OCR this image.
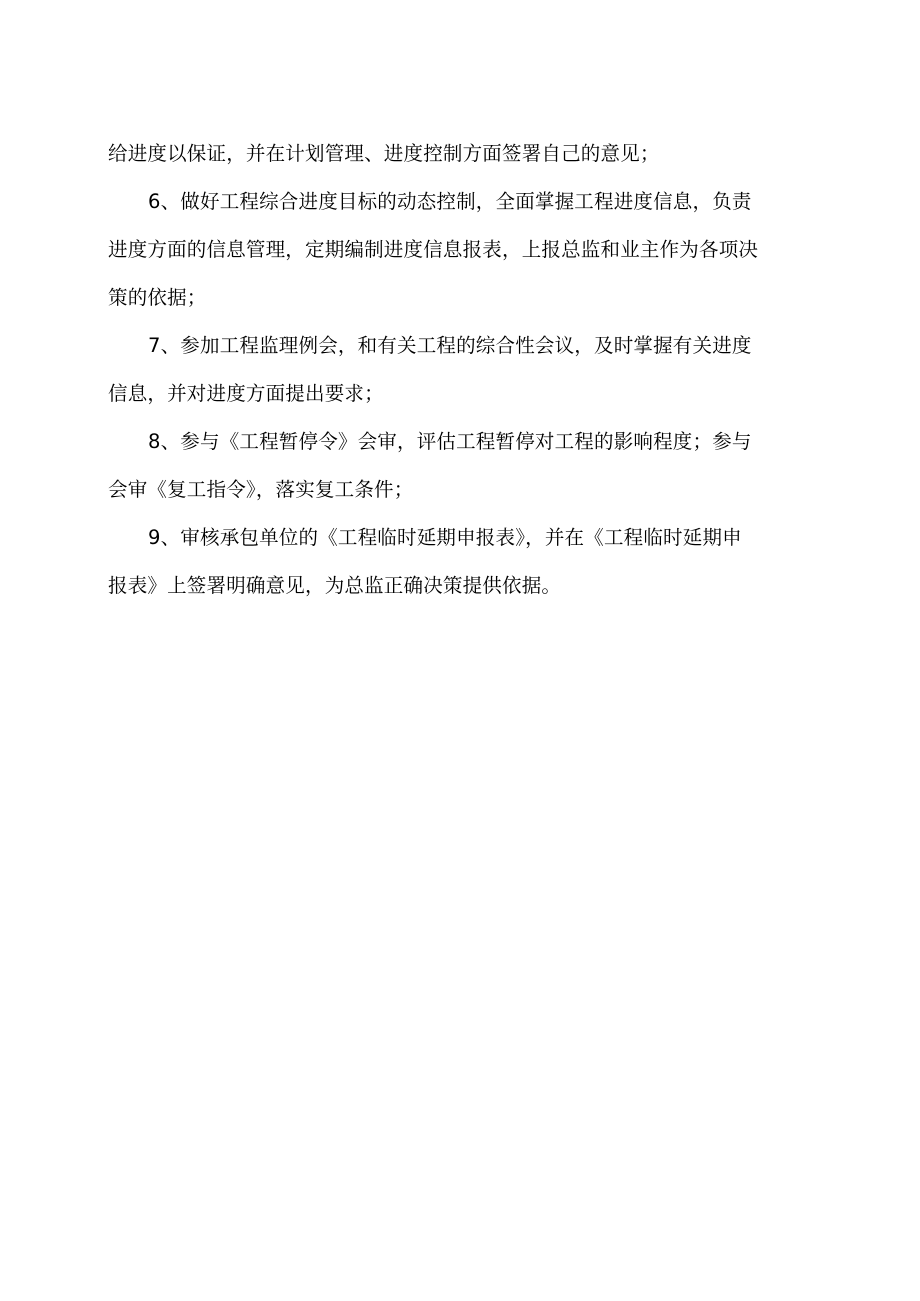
给进度以保证，并在计划管理、进度控制方面签署自己的意见；
6、做好工程综合进度目标的动态控制，全面掌握工程进度信息，负责
进度方面的信息管理，定期编制进度信息报表，上报总监和业主作为各项决
策的依据；
7、参加工程监理例会，和有关工程的综合性会议，及时掌握有关进度
信息，并对进度方面提出要求；
8、参与《工程暂停令》会审，评估工程暂停对工程的影响程度；参与
会审《复工指令》，落实复工条件；
9、审核承包单位的《工程临时延期申报表》，并在《工程临时延期申
报表》上签署明确意见，为总监正确决策提供依据。
